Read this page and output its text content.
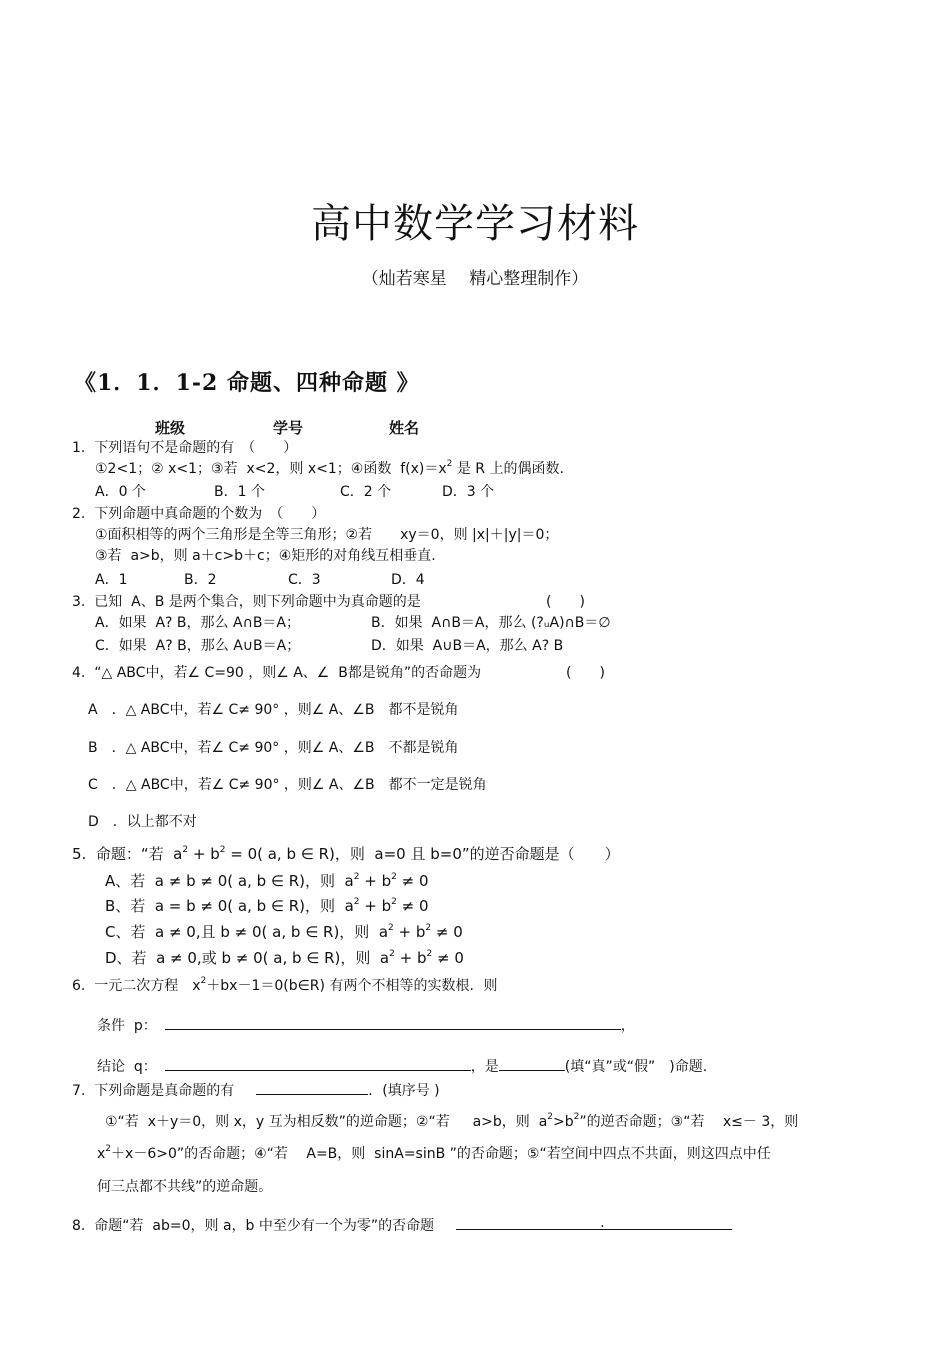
高中数学学习材料
（灿若寒星　 精心整理制作）
《1．1．1-2 命题、四种命题 》
班级	学号	姓名
1.  下列语句不是命题的有　（　　）
①2<1；② x<1；③若  x<2，则 x<1；④函数  $f(x)=x^2$ 是 R 上的偶函数.
A．0 个	B．1 个	C．2 个	D．3 个
2.  下列命题中真命题的个数为　（　　）
①面积相等的两个三角形是全等三角形；②若　　xy＝0，则 |x|＋|y|＝0；
③若  a>b，则 a＋c>b＋c；④矩形的对角线互相垂直.
A．1	B．2	C．3	D．4
3.  已知  A、B 是两个集合，则下列命题中为真命题的是	(　　)
A．如果  A? B，那么 A∩B＝A；	B．如果  A∩B＝A，那么 (?ᵤA)∩B＝∅
C．如果  A? B，那么 A∪B＝A；	D．如果  A∪B＝A，那么 A? B
4.  “△ ABC中，若∠ C=90 ，则∠ A、∠  B都是锐角”的否命题为	(　　)
A　．△ ABC中，若∠ C≠ 90° ，则∠ A、∠B　都不是锐角
B　．△ ABC中，若∠ C≠ 90° ，则∠ A、∠B　不都是锐角
C　．△ ABC中，若∠ C≠ 90° ，则∠ A、∠B　都不一定是锐角
D　．以上都不对
5.  命题：“若  $a^2 + b^2 = 0$( a, b ∈ R)，则  a=0 且 b=0”的逆否命题是（　　）
A、若  a ≠ b ≠ 0( a, b ∈ R)，则  $a^2 + b^2 \ne 0$
B、若  a = b ≠ 0( a, b ∈ R)，则  $a^2 + b^2 \ne 0$
C、若  a ≠ 0,且 b ≠ 0( a, b ∈ R)，则  $a^2 + b^2 \ne 0$
D、若  a ≠ 0,或 b ≠ 0( a, b ∈ R)，则  $a^2 + b^2 \ne 0$
6.  一元二次方程　$x^2+bx-1=0(b\in R)$ 有两个不相等的实数根．则
条件  p：	，
结论  q：	，是	(填“真”或“假”　)命题.
7.  下列命题是真命题的有	．(填序号 )
①“若  x＋y＝0，则 x，y 互为相反数”的逆命题；②“若　  a>b，则  $a^2>b^2$”的逆否命题；③“若　 x≤－ 3，则
$x^2+x-6>0$”的否命题；④“若　 A=B，则  sinA=sinB ”的否命题；⑤“若空间中四点不共面，则这四点中任
何三点都不共线”的逆命题。
8.  命题“若  ab=0，则 a，b 中至少有一个为零”的否命题	.
